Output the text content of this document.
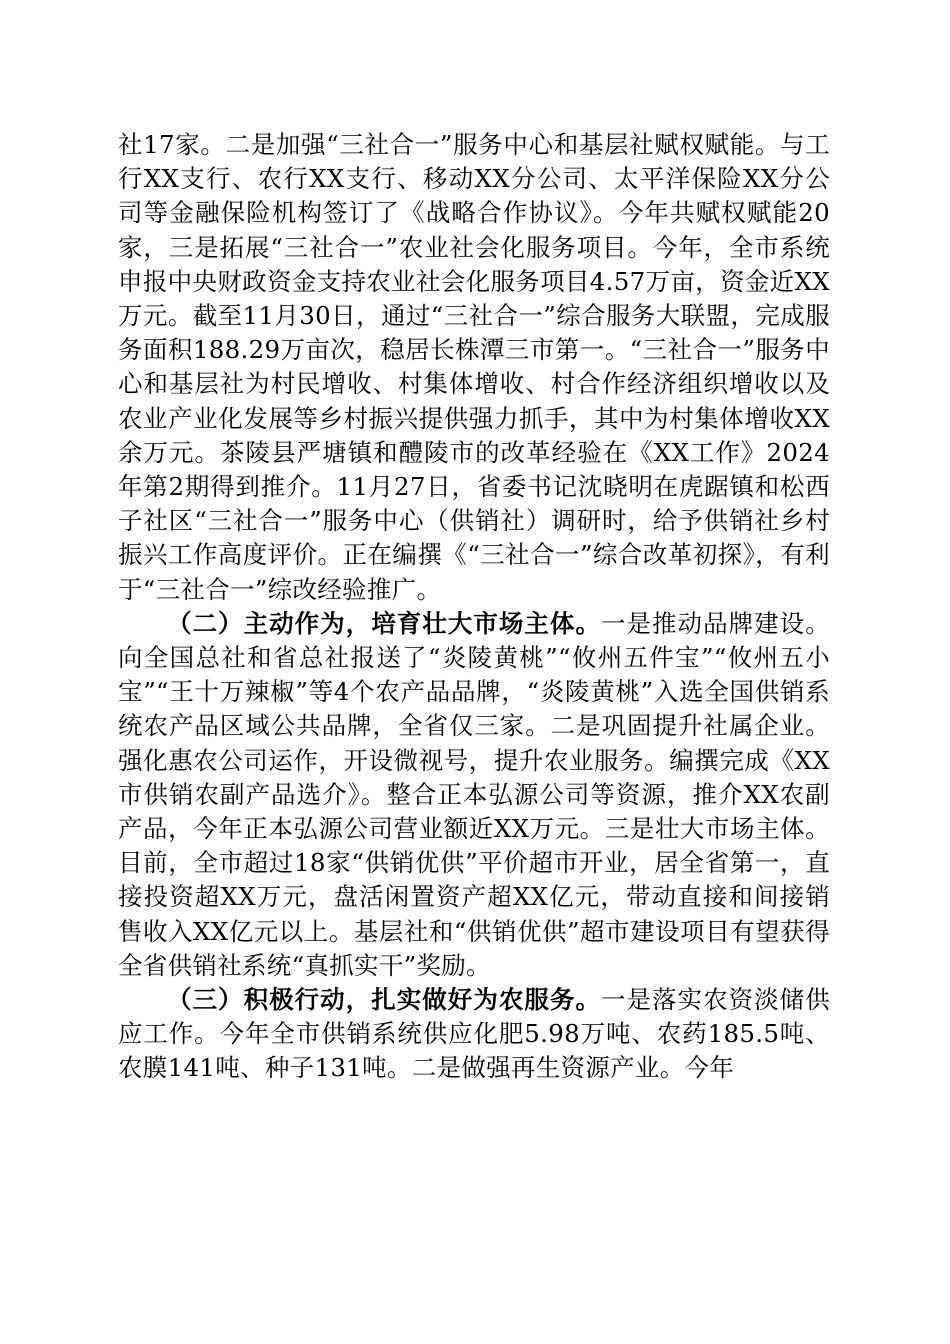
社17家。二是加强“三社合一”服务中心和基层社赋权赋能。与工行XX支行、农行XX支行、移动XX分公司、太平洋保险XX分公司等金融保险机构签订了《战略合作协议》。今年共赋权赋能20家，三是拓展“三社合一”农业社会化服务项目。今年，全市系统申报中央财政资金支持农业社会化服务项目4.57万亩，资金近XX万元。截至11月30日，通过“三社合一”综合服务大联盟，完成服务面积188.29万亩次，稳居长株潭三市第一。“三社合一”服务中心和基层社为村民增收、村集体增收、村合作经济组织增收以及农业产业化发展等乡村振兴提供强力抓手，其中为村集体增收XX余万元。茶陵县严塘镇和醴陵市的改革经验在《XX工作》2024年第2期得到推介。11月27日，省委书记沈晓明在虎踞镇和松西子社区“三社合一”服务中心（供销社）调研时，给予供销社乡村振兴工作高度评价。正在编撰《“三社合一”综合改革初探》，有利于“三社合一”综改经验推广。

（二）主动作为，培育壮大市场主体。一是推动品牌建设。向全国总社和省总社报送了“炎陵黄桃”“攸州五件宝”“攸州五小宝”“王十万辣椒”等4个农产品品牌，“炎陵黄桃”入选全国供销系统农产品区域公共品牌，全省仅三家。二是巩固提升社属企业。强化惠农公司运作，开设微视号，提升农业服务。编撰完成《XX市供销农副产品选介》。整合正本弘源公司等资源，推介XX农副产品，今年正本弘源公司营业额近XX万元。三是壮大市场主体。目前，全市超过18家“供销优供”平价超市开业，居全省第一，直接投资超XX万元，盘活闲置资产超XX亿元，带动直接和间接销售收入XX亿元以上。基层社和“供销优供”超市建设项目有望获得全省供销社系统“真抓实干”奖励。

（三）积极行动，扎实做好为农服务。一是落实农资淡储供应工作。今年全市供销系统供应化肥5.98万吨、农药185.5吨、农膜141吨、种子131吨。二是做强再生资源产业。今年
